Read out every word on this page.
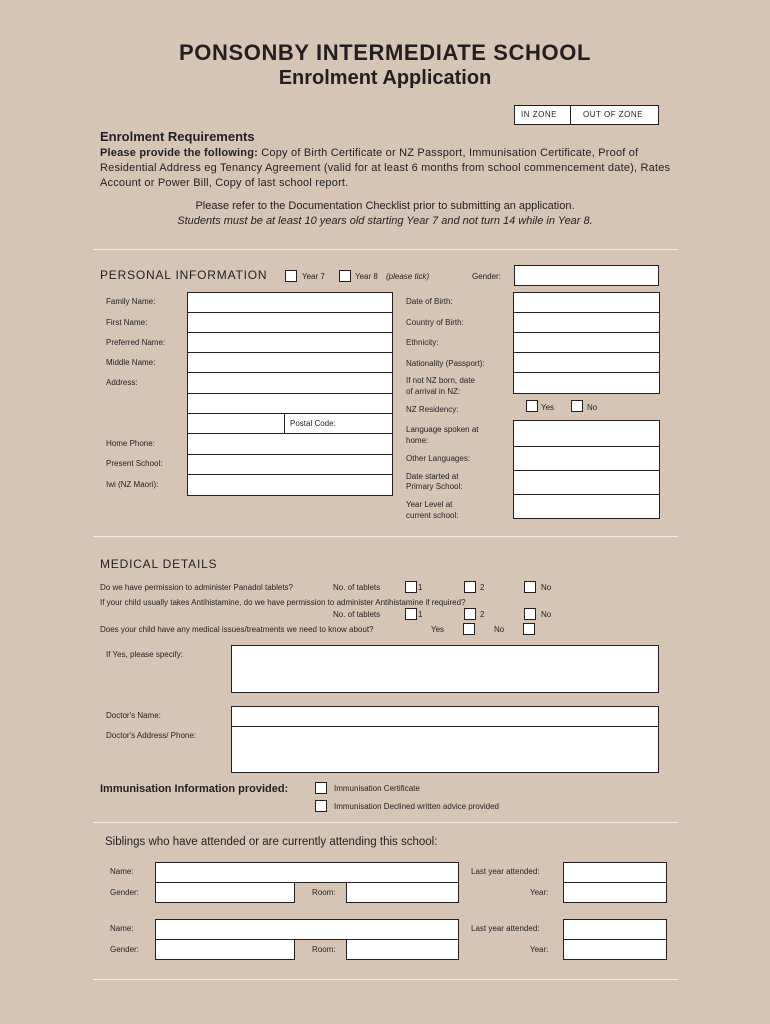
PONSONBY INTERMEDIATE SCHOOL
Enrolment Application
IN ZONE	OUT OF ZONE
Enrolment Requirements
Please provide the following: Copy of Birth Certificate or NZ Passport, Immunisation Certificate, Proof of Residential Address eg Tenancy Agreement (valid for at least 6 months from school commencement date), Rates Account or Power Bill, Copy of last school report.
Please refer to the Documentation Checklist prior to submitting an application.
Students must be at least 10 years old starting Year 7 and not turn 14 while in Year 8.
PERSONAL INFORMATION	Year 7	Year 8 (please tick)	Gender:
Family Name:
First Name:
Preferred Name:
Middle Name:
Address:
Home Phone:
Present School:
Iwi (NZ Maori):
Postal Code:
Date of Birth:
Country of Birth:
Ethnicity:
Nationality (Passport):
If not NZ born, date
of arrival in NZ:
NZ Residency:	Yes	No
Language spoken at
home:
Other Languages:
Date started at
Primary School:
Year Level at
current school:
MEDICAL DETAILS
Do we have permission to administer Panadol tablets?	No. of tablets	1	2	No
If your child usually takes Antihistamine, do we have permission to administer Antihistamine if required?
No. of tablets	1	2	No
Does your child have any medical issues/treatments we need to know about?	Yes	No
If Yes, please specify:
Doctor's Name:
Doctor's Address/ Phone:
Immunisation Information provided:	Immunisation Certificate
Immunisation Declined written advice provided
Siblings who have attended or are currently attending this school:
Name:	Last year attended:
Gender:	Room:	Year:
Name:	Last year attended:
Gender:	Room:	Year:
